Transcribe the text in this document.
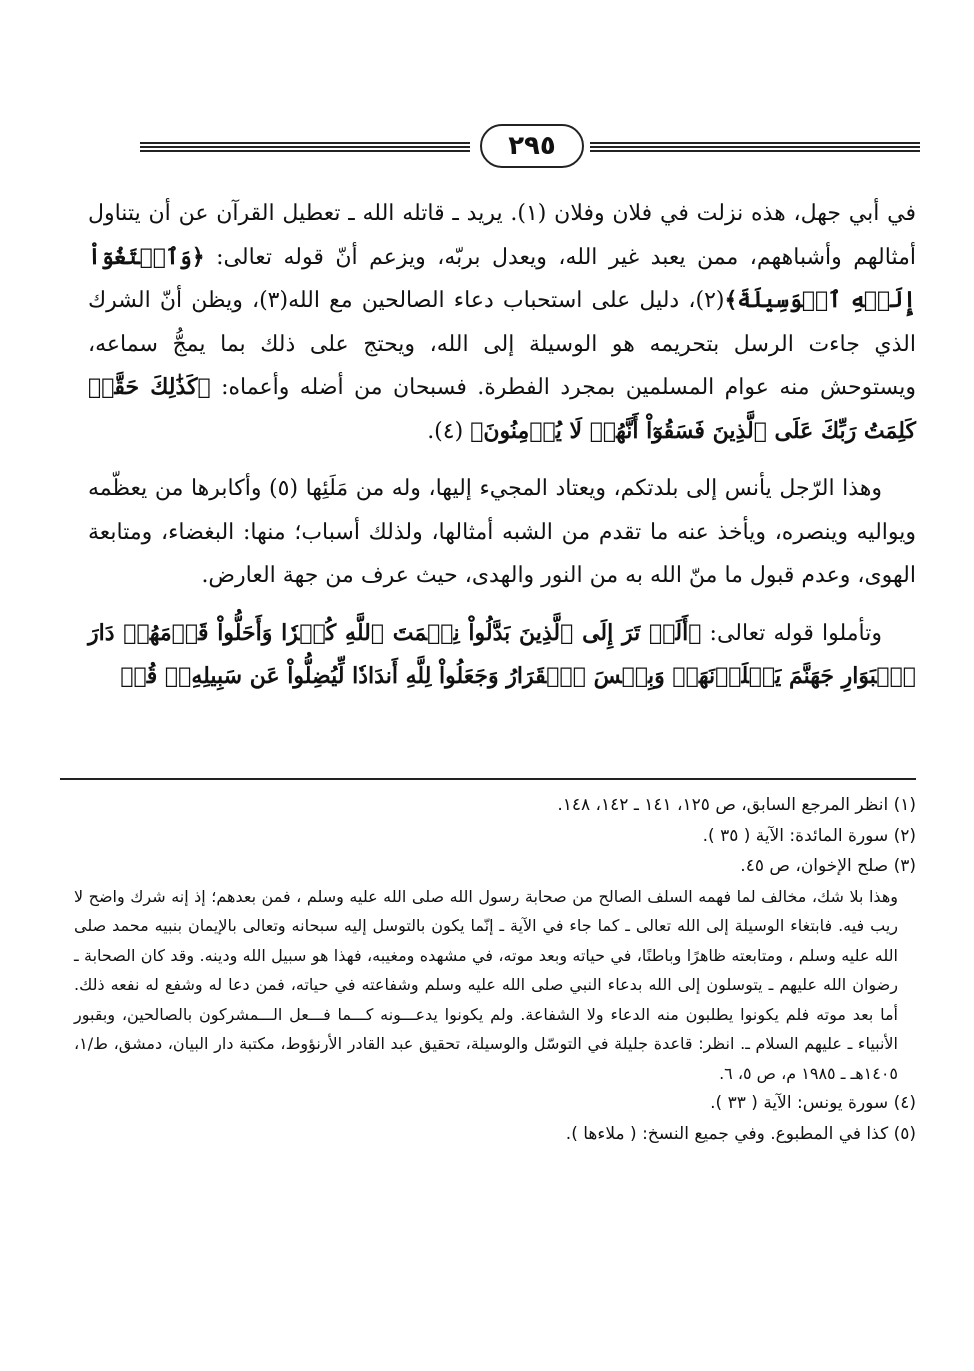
٢٩٥

في أبي جهل، هذه نزلت في فلان وفلان (١). يريد ـ قاتله الله ـ تعطيل القرآن عن أن يتناول أمثالهم وأشباههم، ممن يعبد غير الله، ويعدل بربّه، ويزعم أنّ قوله تعالى: ﴿وَٱبۡتَغُوٓاْ إِلَيۡهِ ٱلۡوَسِيلَةَ﴾(٢)، دليل على استحباب دعاء الصالحين مع الله(٣)، ويظن أنّ الشرك الذي جاءت الرسل بتحريمه هو الوسيلة إلى الله، ويحتج على ذلك بما يمجُّ سماعه، ويستوحش منه عوام المسلمين بمجرد الفطرة. فسبحان من أضله وأعماه: ﴿كَذَٰلِكَ حَقَّتۡ كَلِمَتُ رَبِّكَ عَلَى ٱلَّذِينَ فَسَقُوٓاْ أَنَّهُمۡ لَا يُؤۡمِنُونَ﴾ (٤).

وهذا الرّجل يأنس إلى بلدتكم، ويعتاد المجيء إليها، وله من مَلَئِها (٥) وأكابرها من يعظّمه ويواليه وينصره، ويأخذ عنه ما تقدم من الشبه أمثالها، ولذلك أسباب؛ منها: البغضاء، ومتابعة الهوى، وعدم قبول ما منّ الله به من النور والهدى، حيث عرف من جهة العارض.

وتأملوا قوله تعالى: ﴿أَلَمۡ تَرَ إِلَى ٱلَّذِينَ بَدَّلُواْ نِعۡمَتَ ٱللَّهِ كُفۡرٗا وَأَحَلُّواْ قَوۡمَهُمۡ دَارَ ٱلۡبَوَارِ جَهَنَّمَ يَصۡلَوۡنَهَاۖ وَبِئۡسَ ٱلۡقَرَارُ وَجَعَلُواْ لِلَّهِ أَندَادٗا لِّيُضِلُّواْ عَن سَبِيلِهِۦۗ قُلۡ

(١) انظر المرجع السابق، ص ١٢٥، ١٤١ ـ ١٤٢، ١٤٨.

(٢) سورة المائدة: الآية ( ٣٥ ).

(٣) صلح الإخوان، ص ٤٥.

وهذا بلا شك، مخالف لما فهمه السلف الصالح من صحابة رسول الله صلى الله عليه وسلم ، فمن بعدهم؛ إذ إنه شرك واضح لا ريب فيه. فابتغاء الوسيلة إلى الله تعالى ـ كما جاء في الآية ـ إنّما يكون بالتوسل إليه سبحانه وتعالى بالإيمان بنبيه محمد صلى الله عليه وسلم ، ومتابعته ظاهرًا وباطنًا، في حياته وبعد موته، في مشهده ومغيبه، فهذا هو سبيل الله ودينه. وقد كان الصحابة ـ رضوان الله عليهم ـ يتوسلون إلى الله بدعاء النبي صلى الله عليه وسلم وشفاعته في حياته، فمن دعا له وشفع له نفعه ذلك. أما بعد موته فلم يكونوا يطلبون منه الدعاء ولا الشفاعة. ولم يكونوا يدعـــونه كـــما فـــعل الـــمشركون بالصالحين، وبقبور الأنبياء ـ عليهم السلام ـ. انظر: قاعدة جليلة في التوسّل والوسيلة، تحقيق عبد القادر الأرنؤوط، مكتبة دار البيان، دمشق، ط/١، ١٤٠٥هـ ـ ١٩٨٥ م، ص ٥، ٦.

(٤) سورة يونس: الآية ( ٣٣ ).

(٥) كذا في المطبوع. وفي جميع النسخ: ( ملاءها ).
